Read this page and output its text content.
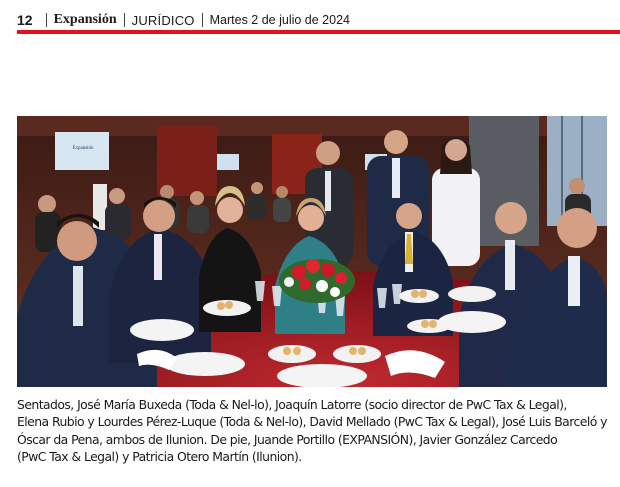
12 Expansión JURÍDICO Martes 2 de julio de 2024
Expansión
Sentados, José María Buxeda (Toda & Nel-lo), Joaquín Latorre (socio director de PwC Tax & Legal),
Elena Rubio y Lourdes Pérez-Luque (Toda & Nel-lo), David Mellado (PwC Tax & Legal), José Luis Barceló y
Óscar da Pena, ambos de Ilunion. De pie, Juande Portillo (EXPANSIÓN), Javier González Carcedo
(PwC Tax & Legal) y Patricia Otero Martín (Ilunion).
